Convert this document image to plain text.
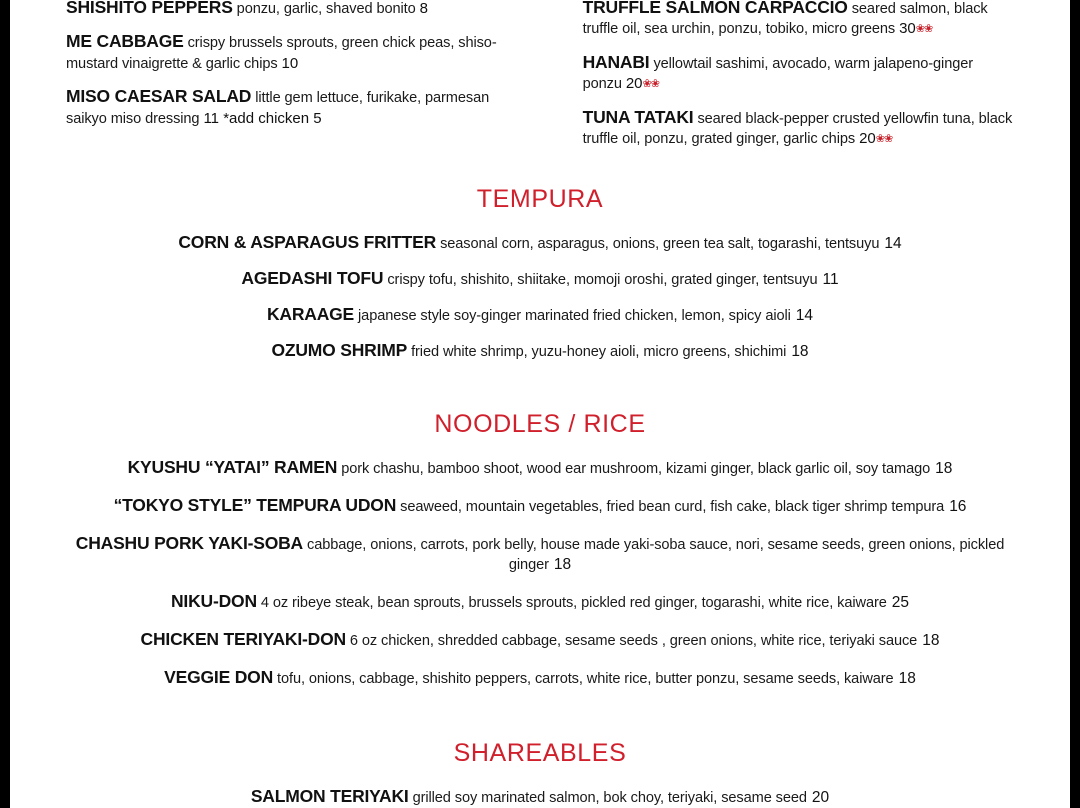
SHISHITO PEPPERS ponzu, garlic, shaved bonito 8
ME CABBAGE crispy brussels sprouts, green chick peas, shiso-mustard vinaigrette & garlic chips 10
MISO CAESAR SALAD little gem lettuce, furikake, parmesan saikyo miso dressing 11 *add chicken 5
TRUFFLE SALMON CARPACCIO seared salmon, black truffle oil, sea urchin, ponzu, tobiko, micro greens 30❀❀
HANABI yellowtail sashimi, avocado, warm jalapeno-ginger ponzu 20❀❀
TUNA TATAKI seared black-pepper crusted yellowfin tuna, black truffle oil, ponzu, grated ginger, garlic chips 20❀❀
TEMPURA
CORN & ASPARAGUS FRITTER seasonal corn, asparagus, onions, green tea salt, togarashi, tentsuyu 14
AGEDASHI TOFU crispy tofu, shishito, shiitake, momoji oroshi, grated ginger, tentsuyu 11
KARAAGE japanese style soy-ginger marinated fried chicken, lemon, spicy aioli 14
OZUMO SHRIMP fried white shrimp, yuzu-honey aioli, micro greens, shichimi 18
NOODLES / RICE
KYUSHU “YATAI” RAMEN pork chashu, bamboo shoot, wood ear mushroom, kizami ginger, black garlic oil, soy tamago 18
“TOKYO STYLE” TEMPURA UDON seaweed, mountain vegetables, fried bean curd, fish cake, black tiger shrimp tempura 16
CHASHU PORK YAKI-SOBA cabbage, onions, carrots, pork belly, house made yaki-soba sauce, nori, sesame seeds, green onions, pickled ginger 18
NIKU-DON 4 oz ribeye steak, bean sprouts, brussels sprouts, pickled red ginger, togarashi, white rice, kaiware 25
CHICKEN TERIYAKI-DON 6 oz chicken, shredded cabbage, sesame seeds , green onions, white rice, teriyaki sauce 18
VEGGIE DON tofu, onions, cabbage, shishito peppers, carrots, white rice, butter ponzu, sesame seeds, kaiware 18
SHAREABLES
SALMON TERIYAKI grilled soy marinated salmon, bok choy, teriyaki, sesame seed 20
